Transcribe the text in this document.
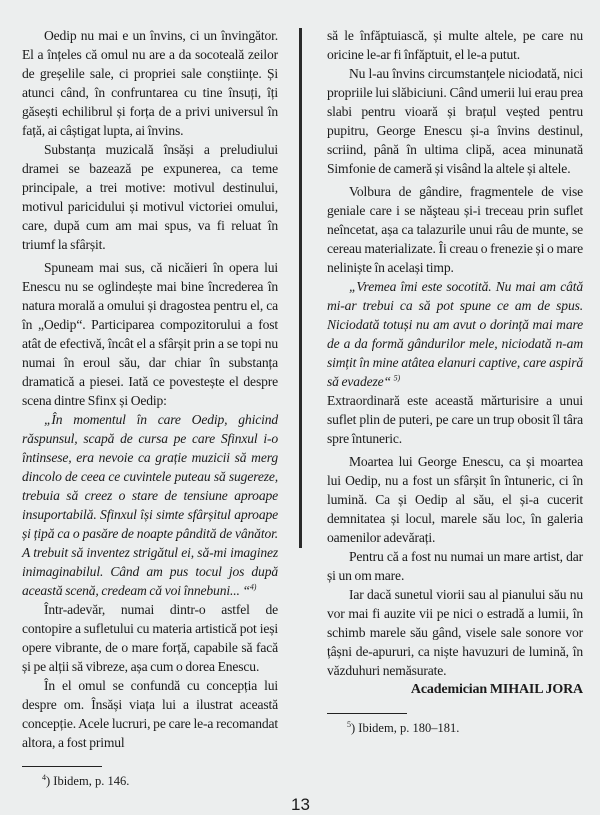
Oedip nu mai e un învins, ci un învingător. El a înțeles că omul nu are a da socoteală zeilor de greșelile sale, ci propriei sale conștiințe. Și atunci când, în confruntarea cu tine însuți, îți găsești echilibrul și forța de a privi universul în față, ai câștigat lupta, ai învins.

Substanța muzicală însăși a preludiului dramei se bazează pe expunerea, ca teme principale, a trei motive: motivul destinului, motivul paricidului și motivul victoriei omului, care, după cum am mai spus, va fi reluat în triumf la sfârșit.

Spuneam mai sus, că nicăieri în opera lui Enescu nu se oglindește mai bine încrederea în natura morală a omului și dragostea pentru el, ca în „Oedip“. Participarea compozitorului a fost atât de efectivă, încât el a sfârșit prin a se topi nu numai în eroul său, dar chiar în substanța dramatică a piesei. Iată ce povestește el despre scena dintre Sfinx și Oedip:

„În momentul în care Oedip, ghicind răspunsul, scapă de cursa pe care Sfinxul i-o întinsese, era nevoie ca grație muzicii să merg dincolo de ceea ce cuvintele puteau să sugereze, trebuia să creez o stare de tensiune aproape insuportabilă. Sfinxul își simte sfârșitul aproape și țipă ca o pasăre de noapte pândită de vânător. A trebuit să inventez strigătul ei, să-mi imaginez inimaginabilul. Când am pus tocul jos după această scenă, credeam că voi înnebuni... “$^{4)}$

Într-adevăr, numai dintr-o astfel de contopire a sufletului cu materia artistică pot ieși opere vibrante, de o mare forță, capabile să facă și pe alții să vibreze, așa cum o dorea Enescu.

În el omul se confundă cu concepția lui despre om. Însăși viața lui a ilustrat această concepție. Acele lucruri, pe care le-a recomandat altora, a fost primul

$^4$) Ibidem, p. 146.

să le înfăptuiască, și multe altele, pe care nu oricine le-ar fi înfăptuit, el le-a putut.

Nu l-au învins circumstanțele niciodată, nici propriile lui slăbiciuni. Când umerii lui erau prea slabi pentru vioară și brațul veșted pentru pupitru, George Enescu și-a învins destinul, scriind, până în ultima clipă, acea minunată Simfonie de cameră și visând la altele și altele.

Volbura de gândire, fragmentele de vise geniale care i se năşteau și-i treceau prin suflet neîncetat, așa ca talazurile unui râu de munte, se cereau materializate. Îi creau o frenezie și o mare neliniște în același timp.

„Vremea îmi este socotită. Nu mai am câtă mi-ar trebui ca să pot spune ce am de spus. Niciodată totuși nu am avut o dorință mai mare de a da formă gândurilor mele, niciodată n-am simțit în mine atâtea elanuri captive, care aspiră să evadeze“ $^{5)}$

Extraordinară este această mărturisire a unui suflet plin de puteri, pe care un trup obosit îl târa spre întuneric.

Moartea lui George Enescu, ca și moartea lui Oedip, nu a fost un sfârșit în întuneric, ci în lumină. Ca și Oedip al său, el și-a cucerit demnitatea și locul, marele său loc, în galeria oamenilor adevărați.

Pentru că a fost nu numai un mare artist, dar și un om mare.

Iar dacă sunetul viorii sau al pianului său nu vor mai fi auzite vii pe nici o estradă a lumii, în schimb marele său gând, visele sale sonore vor țâșni de-apururi, ca niște havuzuri de lumină, în văzduhuri nemăsurate.

Academician MIHAIL JORA

$^5$) Ibidem, p. 180–181.
13
